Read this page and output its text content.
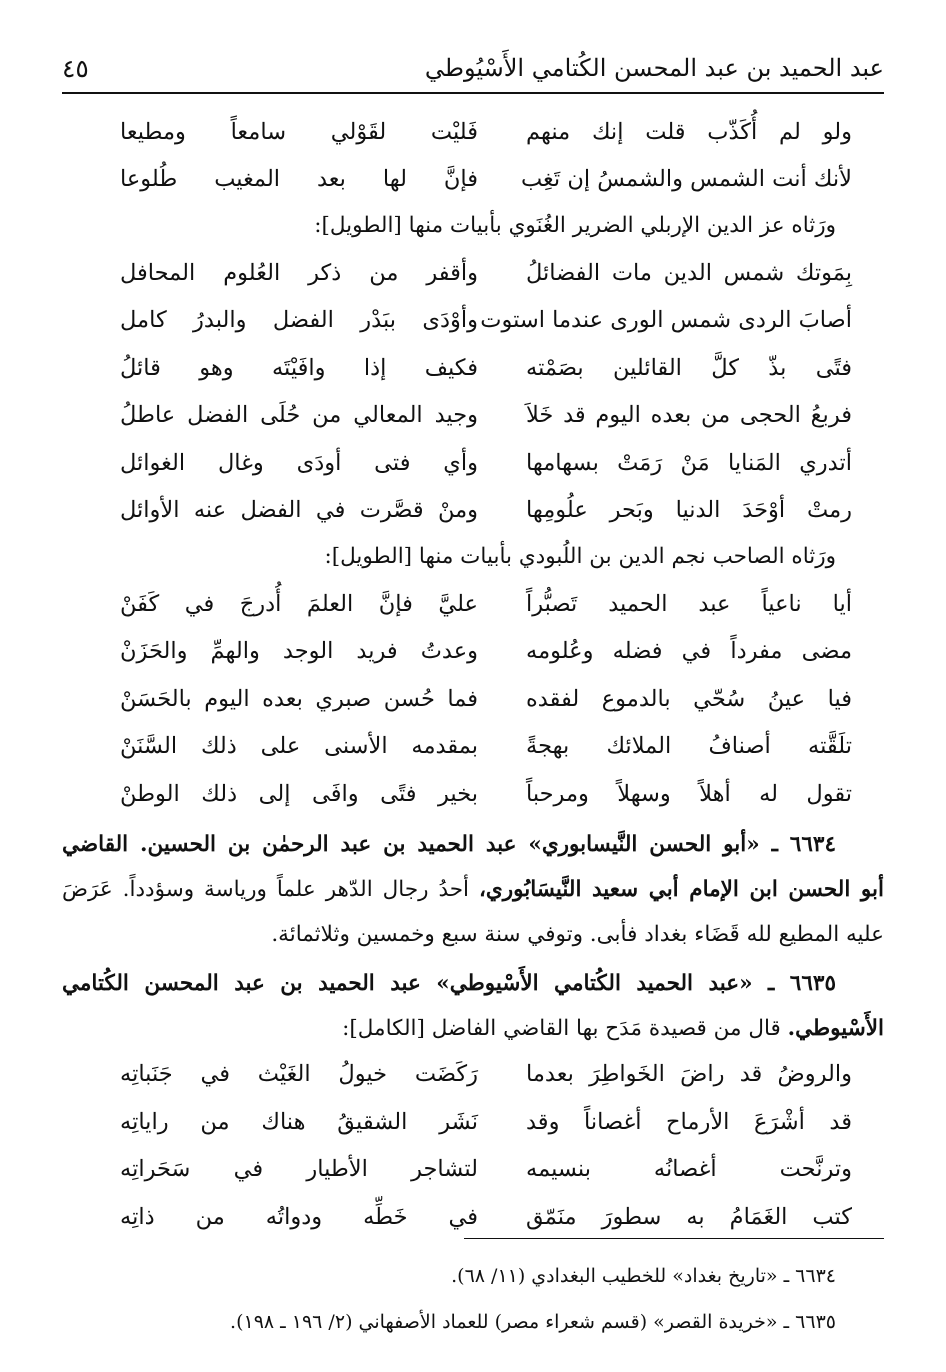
عبد الحميد بن عبد المحسن الكُتامي الأَسْيُوطي
٤٥
ولو لم أُكَذّب قلت إنك منهم
فَليْت لقَوْلي سامعاً ومطيعا
لأنك أنت الشمس والشمسُ إن تَغِب
فإنَّ لها بعد المغيب طُلوعا
ورَثاه عز الدين الإربلي الضرير الغُنَوي بأبيات منها [الطويل]:
بِمَوتك شمس الدين مات الفضائلُ
وأقفر من ذكر العُلوم المحافل
أصابَ الردى شمس الورى عندما استوت
وأوْدَى ببَدْر الفضل والبدرُ كامل
فتًى بذّ كلَّ القائلين بصَمْته
فكيف إذا وافَيْتَه وهو قائلُ
فربعُ الحجى من بعده اليوم قد خَلاَ
وجيد المعالي من حُلَى الفضل عاطلُ
أتدري المَنايا مَنْ رَمَتْ بسهامها
وأي فتى أودَى وغال الغوائل
رمتْ أوْحَدَ الدنيا وبَحر علُومِها
ومنْ قصَّرت في الفضل عنه الأوائل
ورَثاه الصاحب نجم الدين بن اللُبودي بأبيات منها [الطويل]:
أيا ناعياً عبد الحميد تَصبُّراً
عليَّ فإنَّ العلمَ أُدرجَ في كَفَنْ
مضى مفرداً في فضله وعُلومه
وعدتُ فريد الوجد والهمِّ والحَزَنْ
فيا عينُ سُحّي بالدموع لفقده
فما حُسن صبري بعده اليوم بالحَسَنْ
تلَقَّته أصنافُ الملائك بهجةً
بمقدمه الأسنى على ذلك السَّنَنْ
تقول له أهلاً وسهلاً ومرحباً
بخير فتًى وافَى إلى ذلك الوطنْ
٦٦٣٤ ـ «أبو الحسن النَّيسابوري» عبد الحميد بن عبد الرحمٰن بن الحسين. القاضي
أبو الحسن ابن الإمام أبي سعيد النَّيسَابُوري، أحدُ رجال الدّهر علماً ورياسة وسؤدداً. عَرَضَ
عليه المطيع لله قَضَاء بغداد فأبى. وتوفي سنة سبع وخمسين وثلاثمائة.
٦٦٣٥ ـ «عبد الحميد الكُتامي الأَسْيوطي» عبد الحميد بن عبد المحسن الكُتامي
الأَسْيوطي. قال من قصيدة مَدَح بها القاضي الفاضل [الكامل]:
والروضُ قد راضَ الخَواطِرَ بعدما
رَكَضَت خيولُ الغَيْث في جَنَباتِه
قد أشْرَعَ الأرماح أغصاناً وقد
نَشَر الشقيقُ هناك من راياتِه
وترنَّحت أغصانُه بنسيمه
لتشاجر الأطيار في سَحَراتِه
كتب الغَمَامُ به سطورَ منَمّق
في خَطِّه ودواتُه من ذاتِه
٦٦٣٤ ـ «تاريخ بغداد» للخطيب البغدادي (١١/ ٦٨).
٦٦٣٥ ـ «خريدة القصر» (قسم شعراء مصر) للعماد الأصفهاني (٢/ ١٩٦ ـ ١٩٨).
